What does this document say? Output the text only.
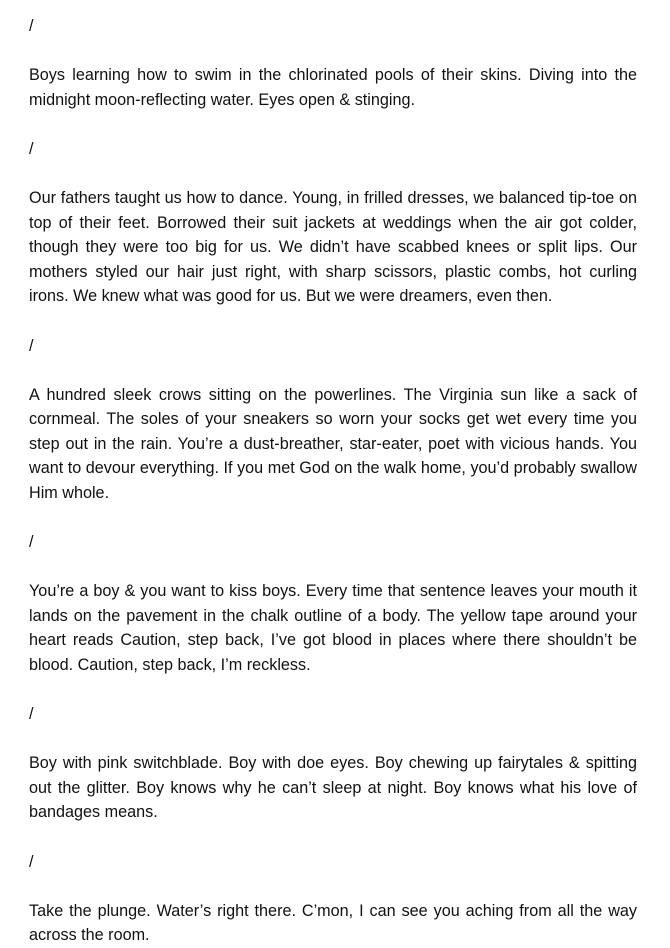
/
Boys learning how to swim in the chlorinated pools of their skins. Diving into the midnight moon-reflecting water. Eyes open & stinging.
/
Our fathers taught us how to dance. Young, in frilled dresses, we balanced tip-toe on top of their feet. Borrowed their suit jackets at weddings when the air got colder, though they were too big for us. We didn’t have scabbed knees or split lips. Our mothers styled our hair just right, with sharp scissors, plastic combs, hot curling irons. We knew what was good for us. But we were dreamers, even then.
/
A hundred sleek crows sitting on the powerlines. The Virginia sun like a sack of cornmeal. The soles of your sneakers so worn your socks get wet every time you step out in the rain. You’re a dust-breather, star-eater, poet with vicious hands. You want to devour everything. If you met God on the walk home, you’d probably swallow Him whole.
/
You’re a boy & you want to kiss boys. Every time that sentence leaves your mouth it lands on the pavement in the chalk outline of a body. The yellow tape around your heart reads Caution, step back, I’ve got blood in places where there shouldn’t be blood. Caution, step back, I’m reckless.
/
Boy with pink switchblade. Boy with doe eyes. Boy chewing up fairytales & spitting out the glitter. Boy knows why he can’t sleep at night. Boy knows what his love of bandages means.
/
Take the plunge. Water’s right there. C’mon, I can see you aching from all the way across the room.
